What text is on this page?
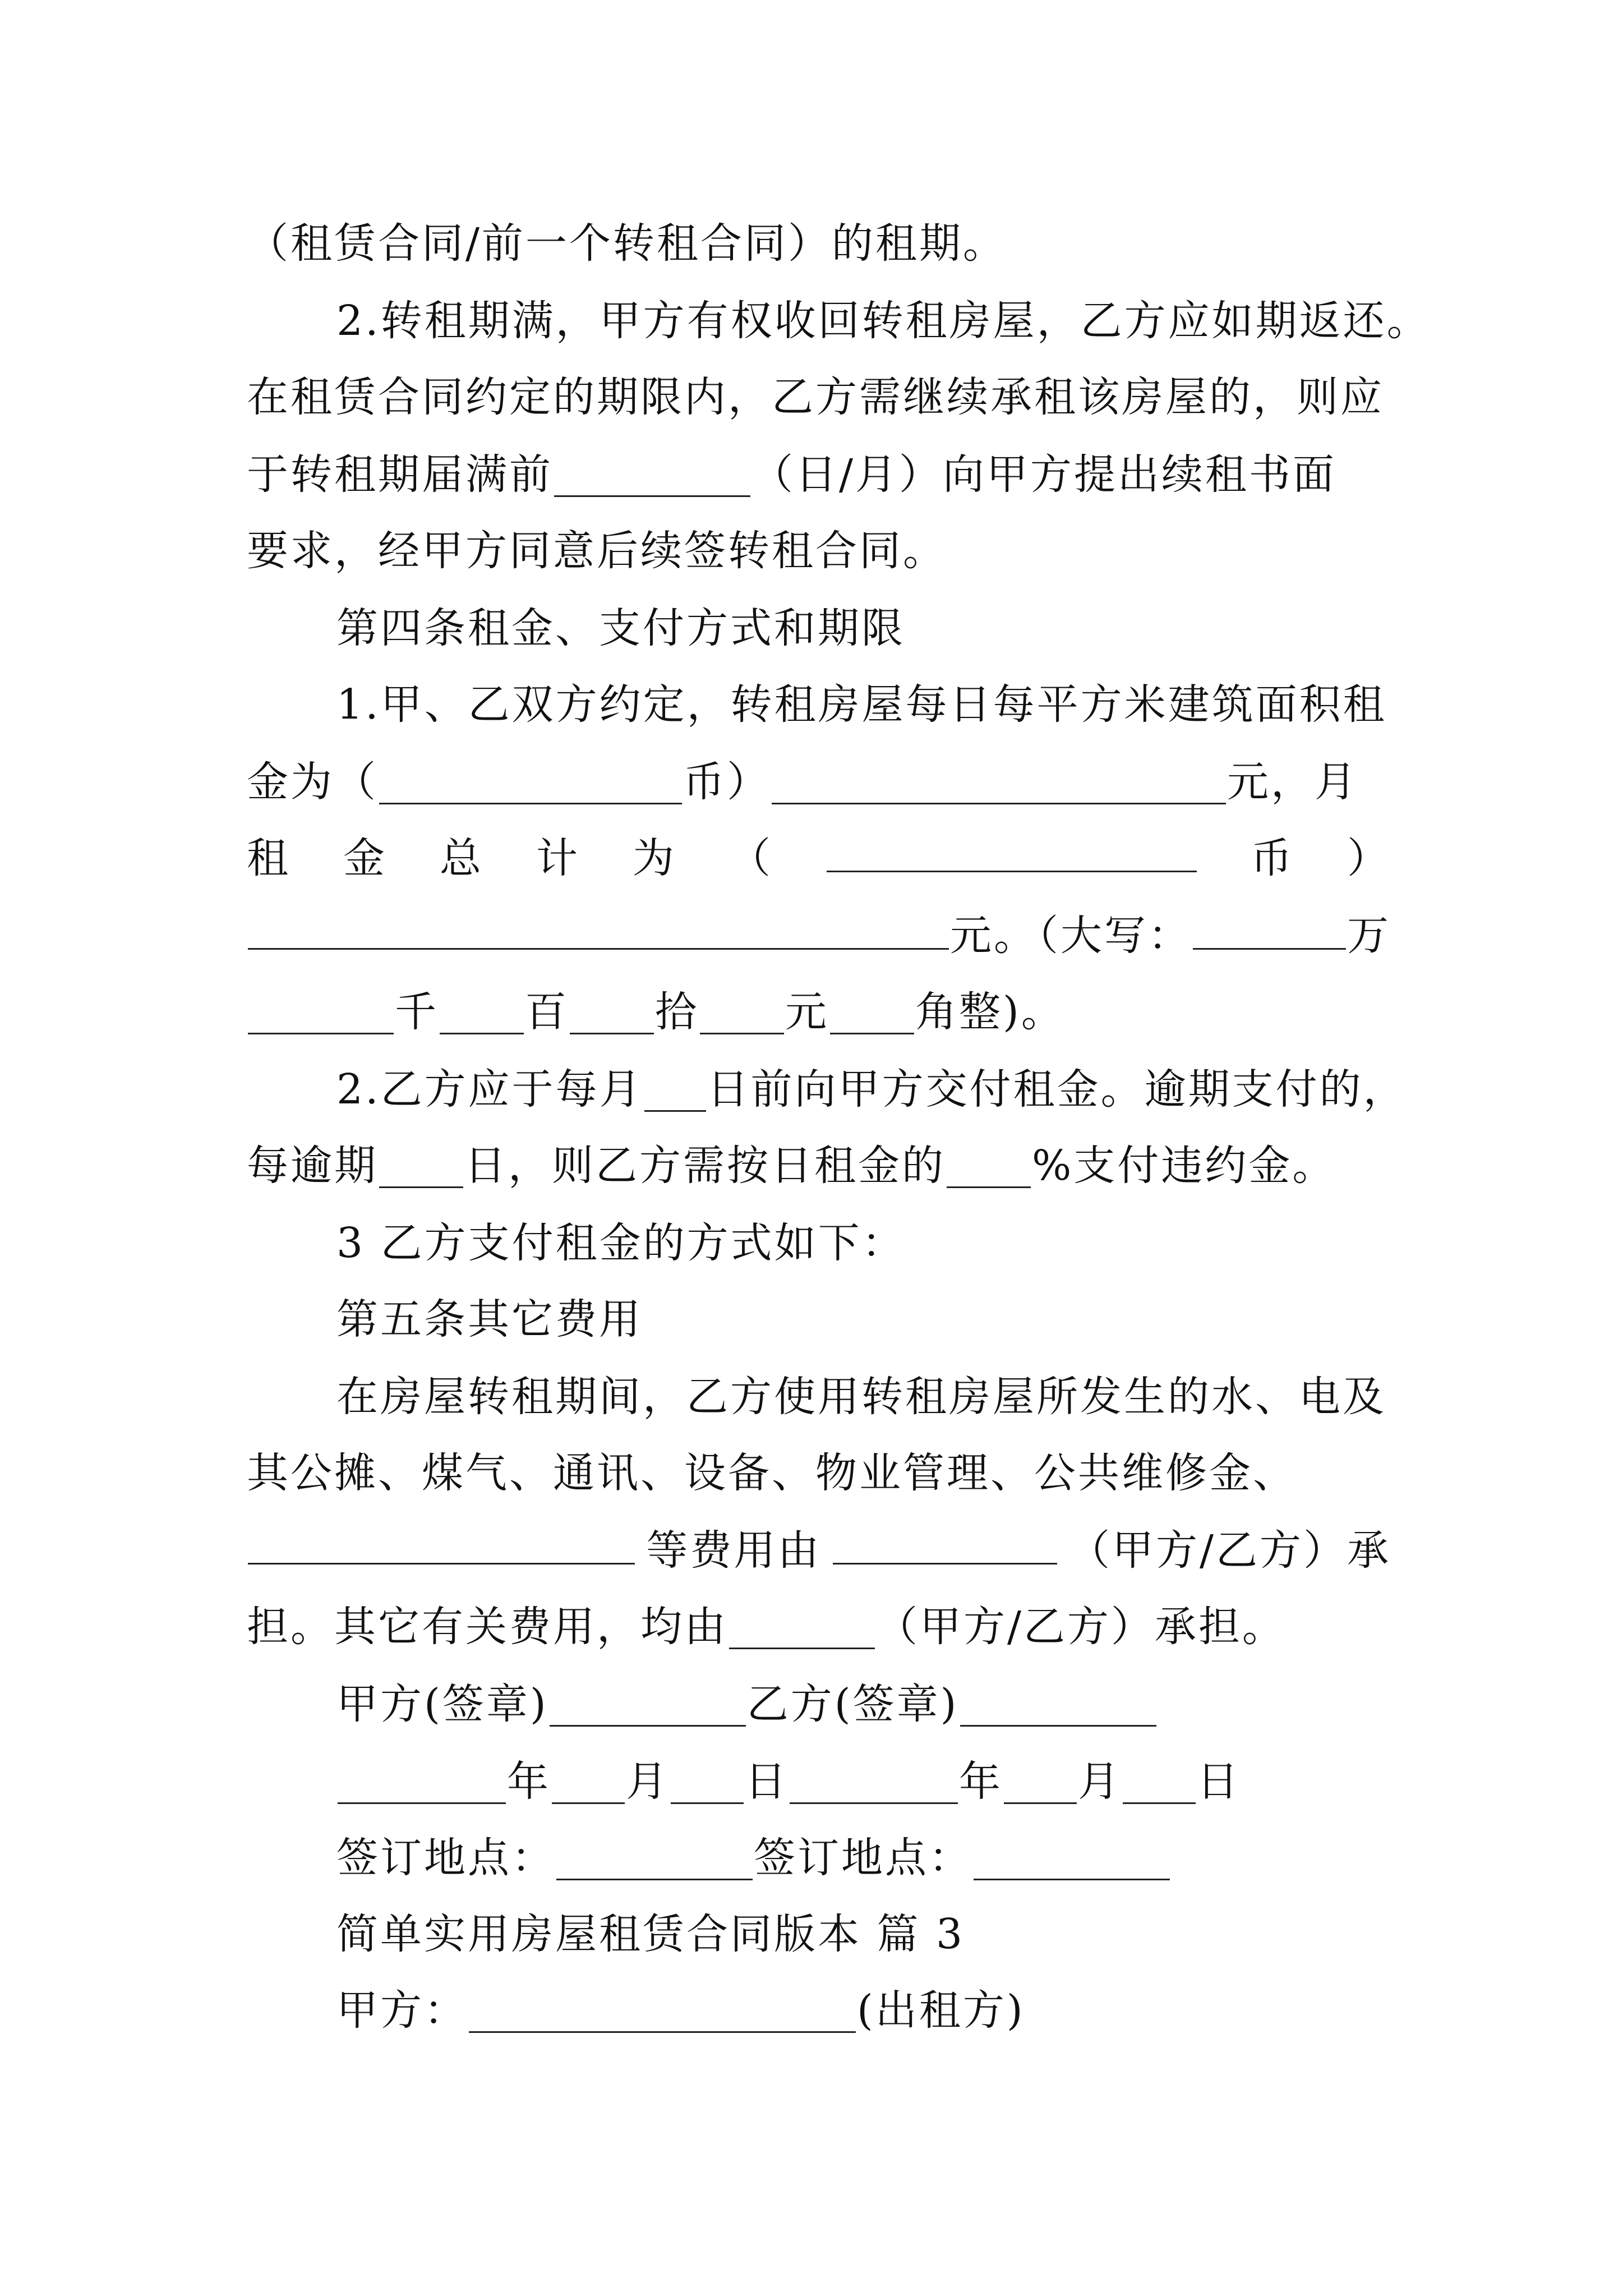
（租赁合同/前一个转租合同）的租期。
2.转租期满，甲方有权收回转租房屋，乙方应如期返还。
在租赁合同约定的期限内，乙方需继续承租该房屋的，则应
于转租期届满前	（日/月）向甲方提出续租书面
要求，经甲方同意后续签转租合同。
第四条租金、支付方式和期限
1.甲、乙双方约定，转租房屋每日每平方米建筑面积租
金为（	币）	元，月
租 金 总 计 为 （	币 ）
元。（大写：	万
千 百 拾 元 角整)。
2.乙方应于每月 日前向甲方交付租金。逾期支付的，
每逾期 日，则乙方需按日租金的 %支付违约金。
3 乙方支付租金的方式如下：
第五条其它费用
在房屋转租期间，乙方使用转租房屋所发生的水、电及
其公摊、煤气、通讯、设备、物业管理、公共维修金、
等费用由	（甲方/乙方）承
担。其它有关费用，均由	（甲方/乙方）承担。
甲方(签章)	乙方(签章)
年 月 日	年 月 日
签订地点：	签订地点：
简单实用房屋租赁合同版本 篇 3
甲方：	(出租方)
